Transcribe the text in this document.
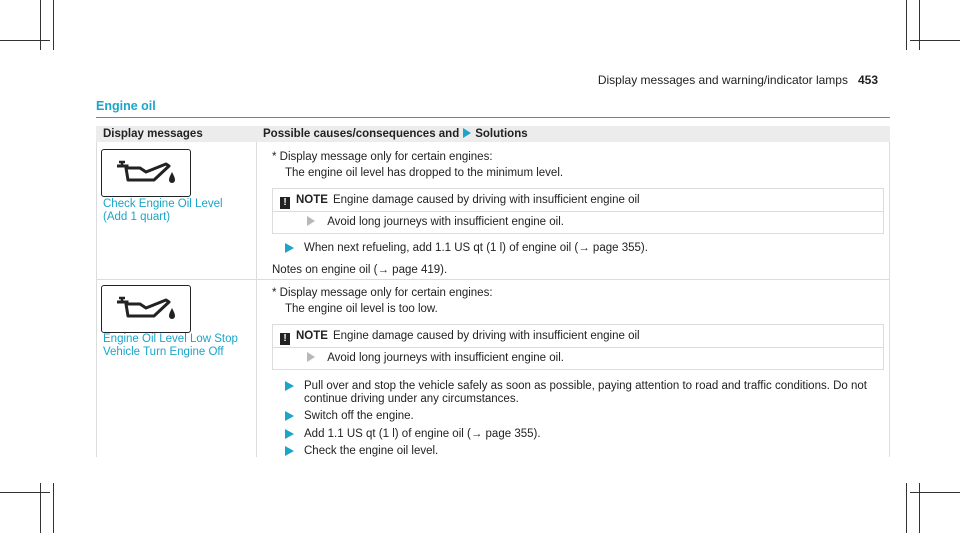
Display messages and warning/indicator lamps 453
Engine oil
Display messages	Possible causes/consequences and Solutions
Check Engine Oil Level
(Add 1 quart)
* Display message only for certain engines:
The engine oil level has dropped to the minimum level.
! NOTE Engine damage caused by driving with insufficient engine oil
Avoid long journeys with insufficient engine oil.
When next refueling, add 1.1 US qt (1 l) of engine oil (→ page 355).
Notes on engine oil (→ page 419).
Engine Oil Level Low Stop
Vehicle Turn Engine Off
* Display message only for certain engines:
The engine oil level is too low.
! NOTE Engine damage caused by driving with insufficient engine oil
Avoid long journeys with insufficient engine oil.
Pull over and stop the vehicle safely as soon as possible, paying attention to road and traffic conditions. Do not
continue driving under any circumstances.
Switch off the engine.
Add 1.1 US qt (1 l) of engine oil (→ page 355).
Check the engine oil level.
